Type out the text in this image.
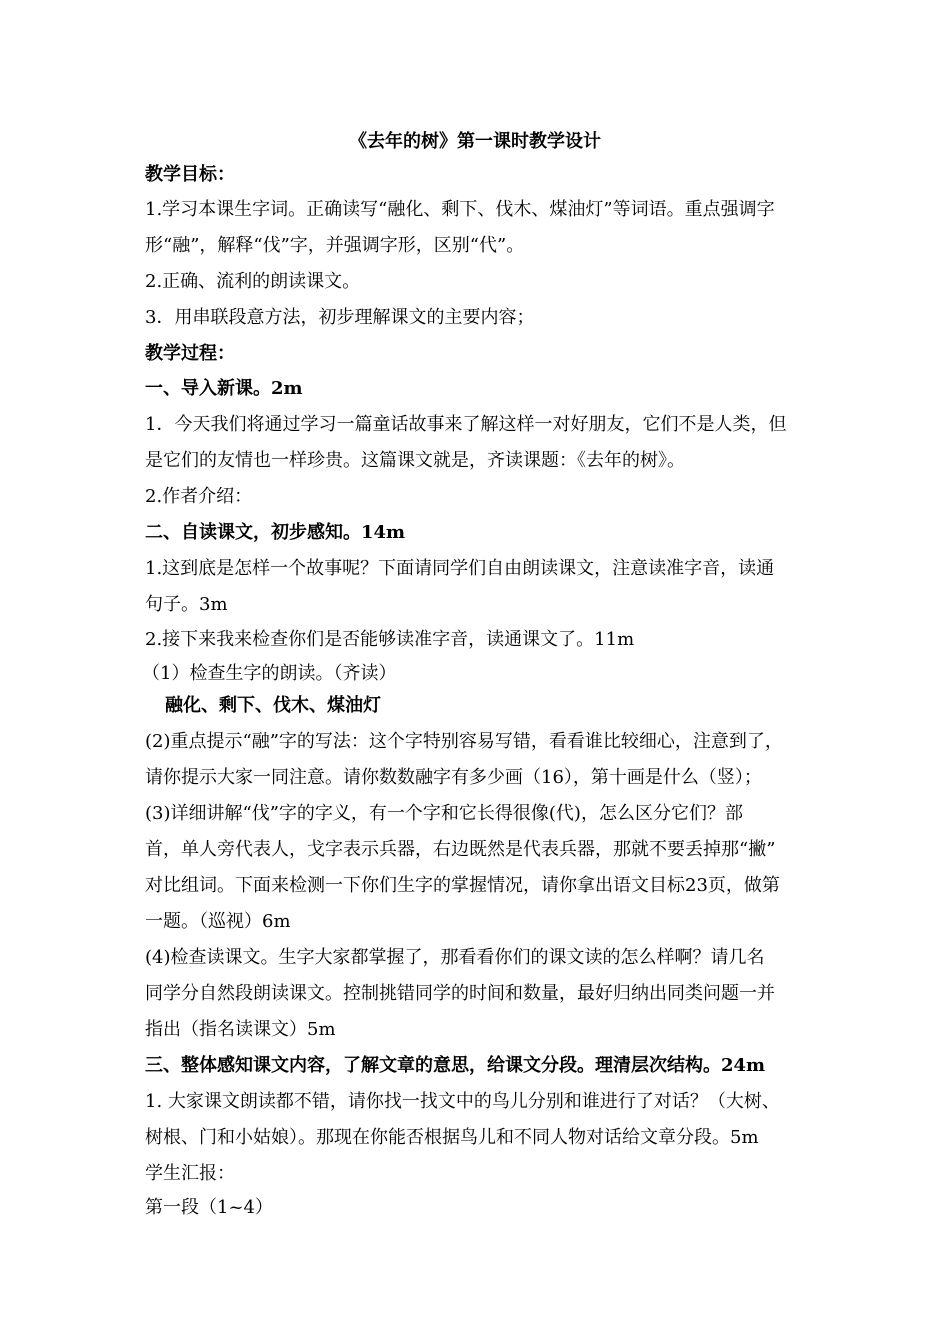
《去年的树》第一课时教学设计
教学目标：
1.学习本课生字词。正确读写“融化、剩下、伐木、煤油灯”等词语。重点强调字
形“融”，解释“伐”字，并强调字形，区别“代”。
2.正确、流利的朗读课文。
3．用串联段意方法，初步理解课文的主要内容；
教学过程：
一、导入新课。2m
1．今天我们将通过学习一篇童话故事来了解这样一对好朋友，它们不是人类，但
是它们的友情也一样珍贵。这篇课文就是，齐读课题：《去年的树》。
2.作者介绍：
二、自读课文，初步感知。14m
1.这到底是怎样一个故事呢？下面请同学们自由朗读课文，注意读准字音，读通
句子。3m
2.接下来我来检查你们是否能够读准字音，读通课文了。11m
（1）检查生字的朗读。（齐读）
融化、剩下、伐木、煤油灯
(2)重点提示“融”字的写法：这个字特别容易写错，看看谁比较细心，注意到了，
请你提示大家一同注意。请你数数融字有多少画（16），第十画是什么（竖）；
(3)详细讲解“伐”字的字义，有一个字和它长得很像(代)，怎么区分它们？部
首，单人旁代表人，戈字表示兵器，右边既然是代表兵器，那就不要丢掉那“撇”
对比组词。下面来检测一下你们生字的掌握情况，请你拿出语文目标23页，做第
一题。（巡视）6m
(4)检查读课文。生字大家都掌握了，那看看你们的课文读的怎么样啊？请几名
同学分自然段朗读课文。控制挑错同学的时间和数量，最好归纳出同类问题一并
指出（指名读课文）5m
三、整体感知课文内容，了解文章的意思，给课文分段。理清层次结构。24m
1. 大家课文朗读都不错，请你找一找文中的鸟儿分别和谁进行了对话？（大树、
树根、门和小姑娘）。那现在你能否根据鸟儿和不同人物对话给文章分段。5m
学生汇报：
第一段（1~4）
